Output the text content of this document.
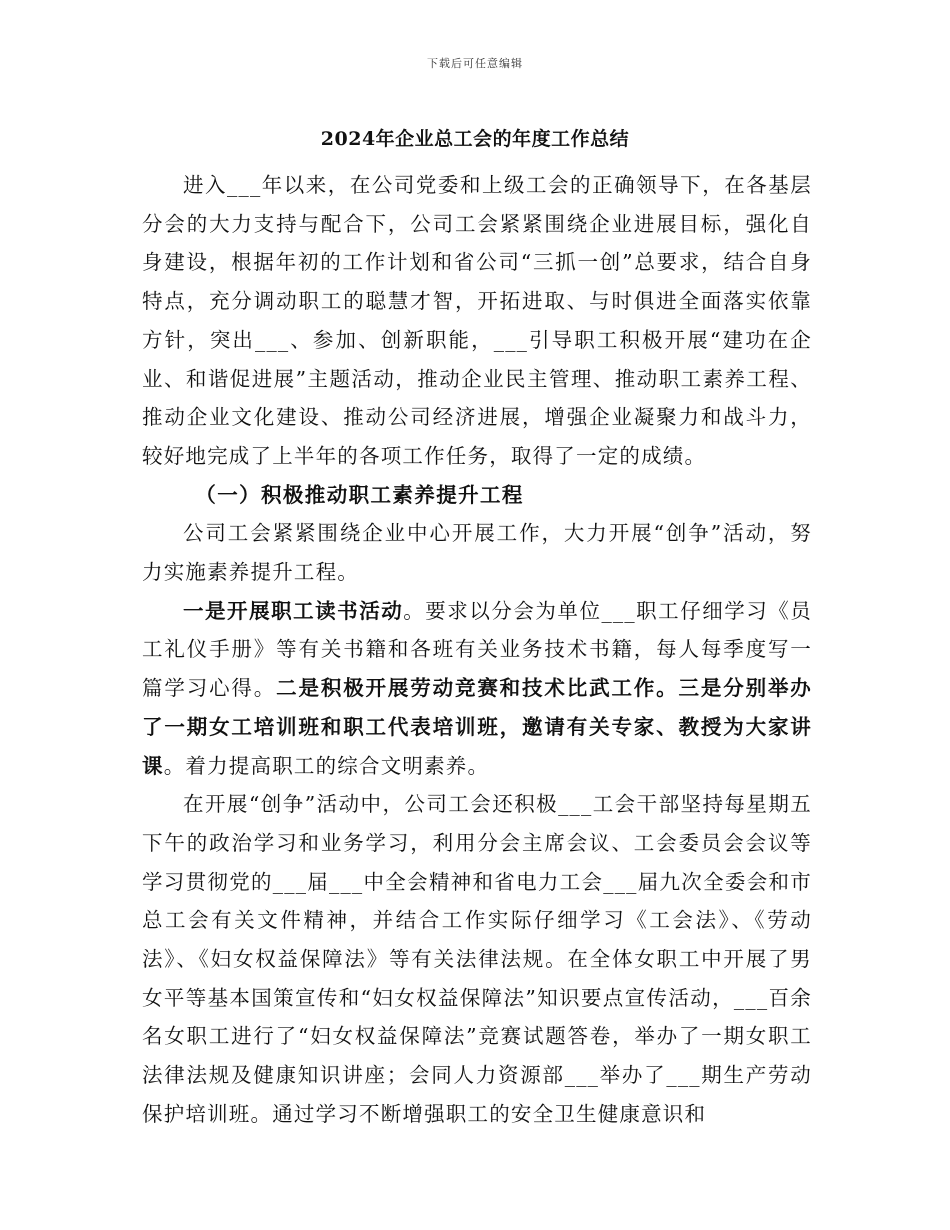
下载后可任意编辑
2024年企业总工会的年度工作总结

进入___年以来，在公司党委和上级工会的正确领导下，在各基层分会的大力支持与配合下，公司工会紧紧围绕企业进展目标，强化自身建设，根据年初的工作计划和省公司“三抓一创”总要求，结合自身特点，充分调动职工的聪慧才智，开拓进取、与时俱进全面落实依靠方针，突出___、参加、创新职能，___引导职工积极开展“建功在企业、和谐促进展”主题活动，推动企业民主管理、推动职工素养工程、推动企业文化建设、推动公司经济进展，增强企业凝聚力和战斗力，较好地完成了上半年的各项工作任务，取得了一定的成绩。

（一）积极推动职工素养提升工程

公司工会紧紧围绕企业中心开展工作，大力开展“创争”活动，努力实施素养提升工程。

一是开展职工读书活动。要求以分会为单位___职工仔细学习《员工礼仪手册》等有关书籍和各班有关业务技术书籍，每人每季度写一篇学习心得。二是积极开展劳动竞赛和技术比武工作。三是分别举办了一期女工培训班和职工代表培训班，邀请有关专家、教授为大家讲课。着力提高职工的综合文明素养。

在开展“创争”活动中，公司工会还积极___工会干部坚持每星期五下午的政治学习和业务学习，利用分会主席会议、工会委员会会议等学习贯彻党的___届___中全会精神和省电力工会___届九次全委会和市总工会有关文件精神，并结合工作实际仔细学习《工会法》、《劳动法》、《妇女权益保障法》等有关法律法规。在全体女职工中开展了男女平等基本国策宣传和“妇女权益保障法”知识要点宣传活动，___百余名女职工进行了“妇女权益保障法”竞赛试题答卷，举办了一期女职工法律法规及健康知识讲座；会同人力资源部___举办了___期生产劳动保护培训班。通过学习不断增强职工的安全卫生健康意识和
